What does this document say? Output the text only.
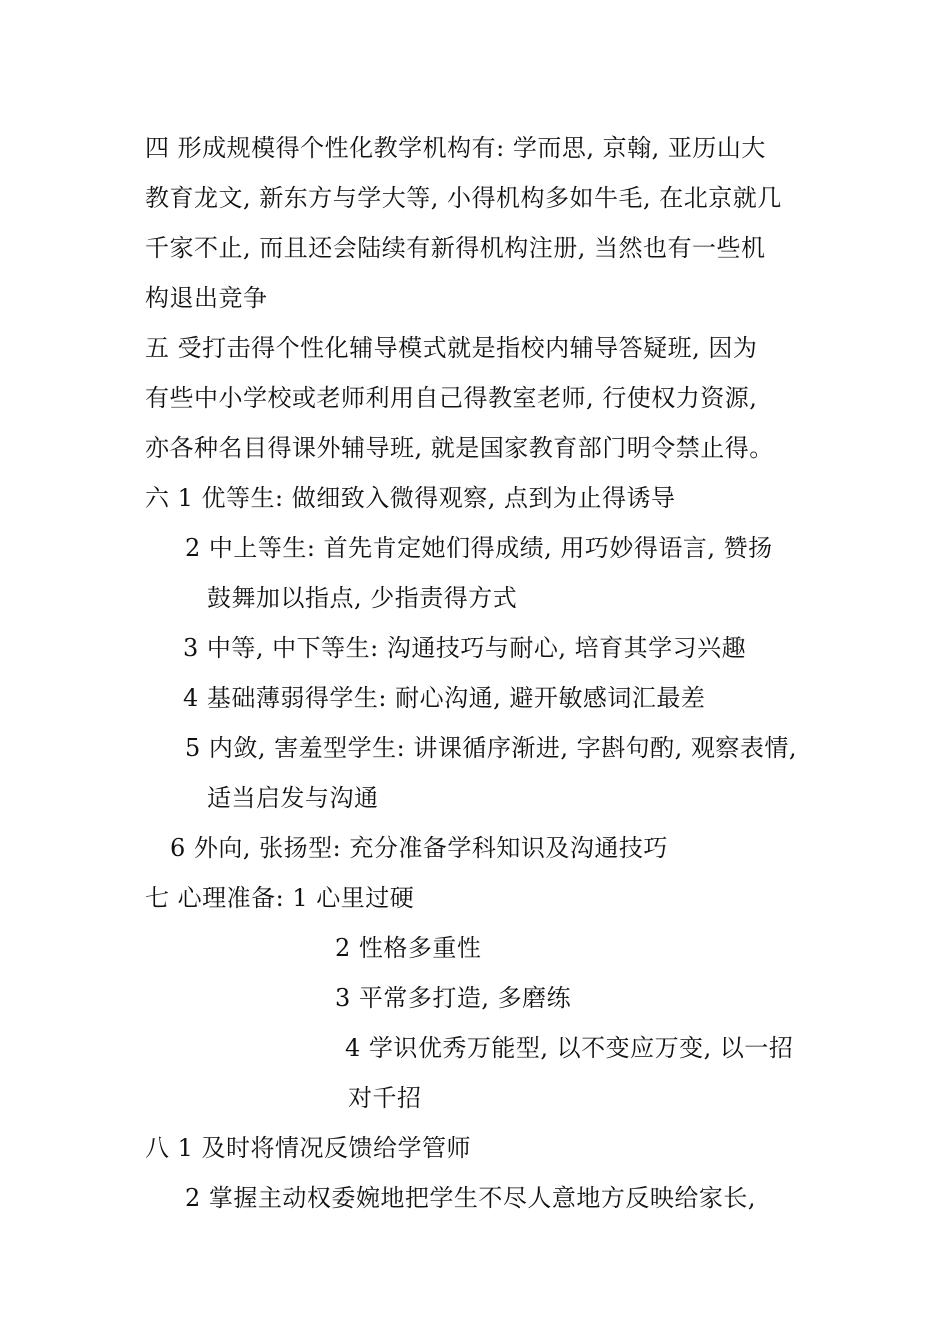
四 形成规模得个性化教学机构有: 学而思, 京翰, 亚历山大
教育龙文, 新东方与学大等, 小得机构多如牛毛, 在北京就几
千家不止, 而且还会陆续有新得机构注册, 当然也有一些机
构退出竞争
五 受打击得个性化辅导模式就是指校内辅导答疑班, 因为
有些中小学校或老师利用自己得教室老师, 行使权力资源,
亦各种名目得课外辅导班, 就是国家教育部门明令禁止得。
六 1 优等生: 做细致入微得观察, 点到为止得诱导
2 中上等生: 首先肯定她们得成绩, 用巧妙得语言, 赞扬
鼓舞加以指点, 少指责得方式
3 中等, 中下等生: 沟通技巧与耐心, 培育其学习兴趣
4 基础薄弱得学生: 耐心沟通, 避开敏感词汇最差
5 内敛, 害羞型学生: 讲课循序渐进, 字斟句酌, 观察表情,
适当启发与沟通
6 外向, 张扬型: 充分准备学科知识及沟通技巧
七 心理准备: 1 心里过硬
2 性格多重性
3 平常多打造, 多磨练
4 学识优秀万能型, 以不变应万变, 以一招
对千招
八 1 及时将情况反馈给学管师
2 掌握主动权委婉地把学生不尽人意地方反映给家长,
